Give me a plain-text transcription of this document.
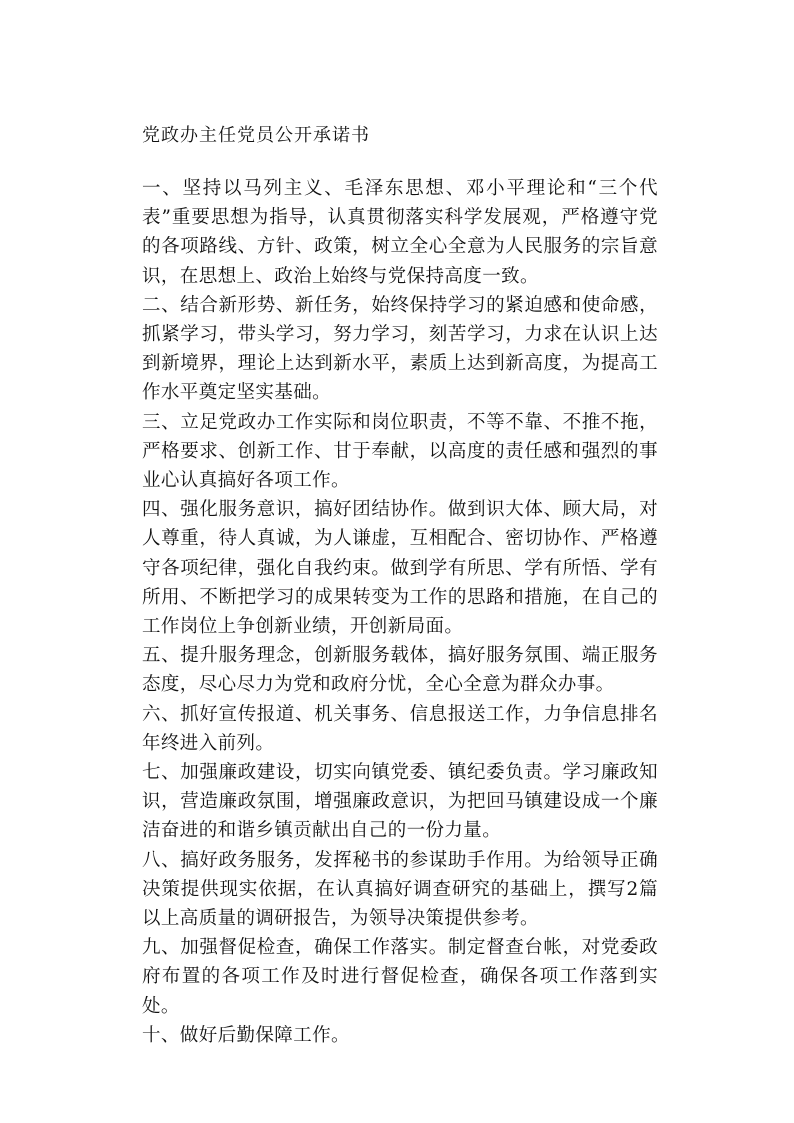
党政办主任党员公开承诺书

一、坚持以马列主义、毛泽东思想、邓小平理论和“三个代表”重要思想为指导，认真贯彻落实科学发展观，严格遵守党的各项路线、方针、政策，树立全心全意为人民服务的宗旨意识，在思想上、政治上始终与党保持高度一致。

二、结合新形势、新任务，始终保持学习的紧迫感和使命感，抓紧学习，带头学习，努力学习，刻苦学习，力求在认识上达到新境界，理论上达到新水平，素质上达到新高度，为提高工作水平奠定坚实基础。

三、立足党政办工作实际和岗位职责，不等不靠、不推不拖，严格要求、创新工作、甘于奉献，以高度的责任感和强烈的事业心认真搞好各项工作。

四、强化服务意识，搞好团结协作。做到识大体、顾大局，对人尊重，待人真诚，为人谦虚，互相配合、密切协作、严格遵守各项纪律，强化自我约束。做到学有所思、学有所悟、学有所用、不断把学习的成果转变为工作的思路和措施，在自己的工作岗位上争创新业绩，开创新局面。

五、提升服务理念，创新服务载体，搞好服务氛围、端正服务态度，尽心尽力为党和政府分忧，全心全意为群众办事。

六、抓好宣传报道、机关事务、信息报送工作，力争信息排名年终进入前列。

七、加强廉政建设，切实向镇党委、镇纪委负责。学习廉政知识，营造廉政氛围，增强廉政意识，为把回马镇建设成一个廉洁奋进的和谐乡镇贡献出自己的一份力量。

八、搞好政务服务，发挥秘书的参谋助手作用。为给领导正确决策提供现实依据，在认真搞好调查研究的基础上，撰写2篇以上高质量的调研报告，为领导决策提供参考。

九、加强督促检查，确保工作落实。制定督查台帐，对党委政府布置的各项工作及时进行督促检查，确保各项工作落到实处。

十、做好后勤保障工作。
